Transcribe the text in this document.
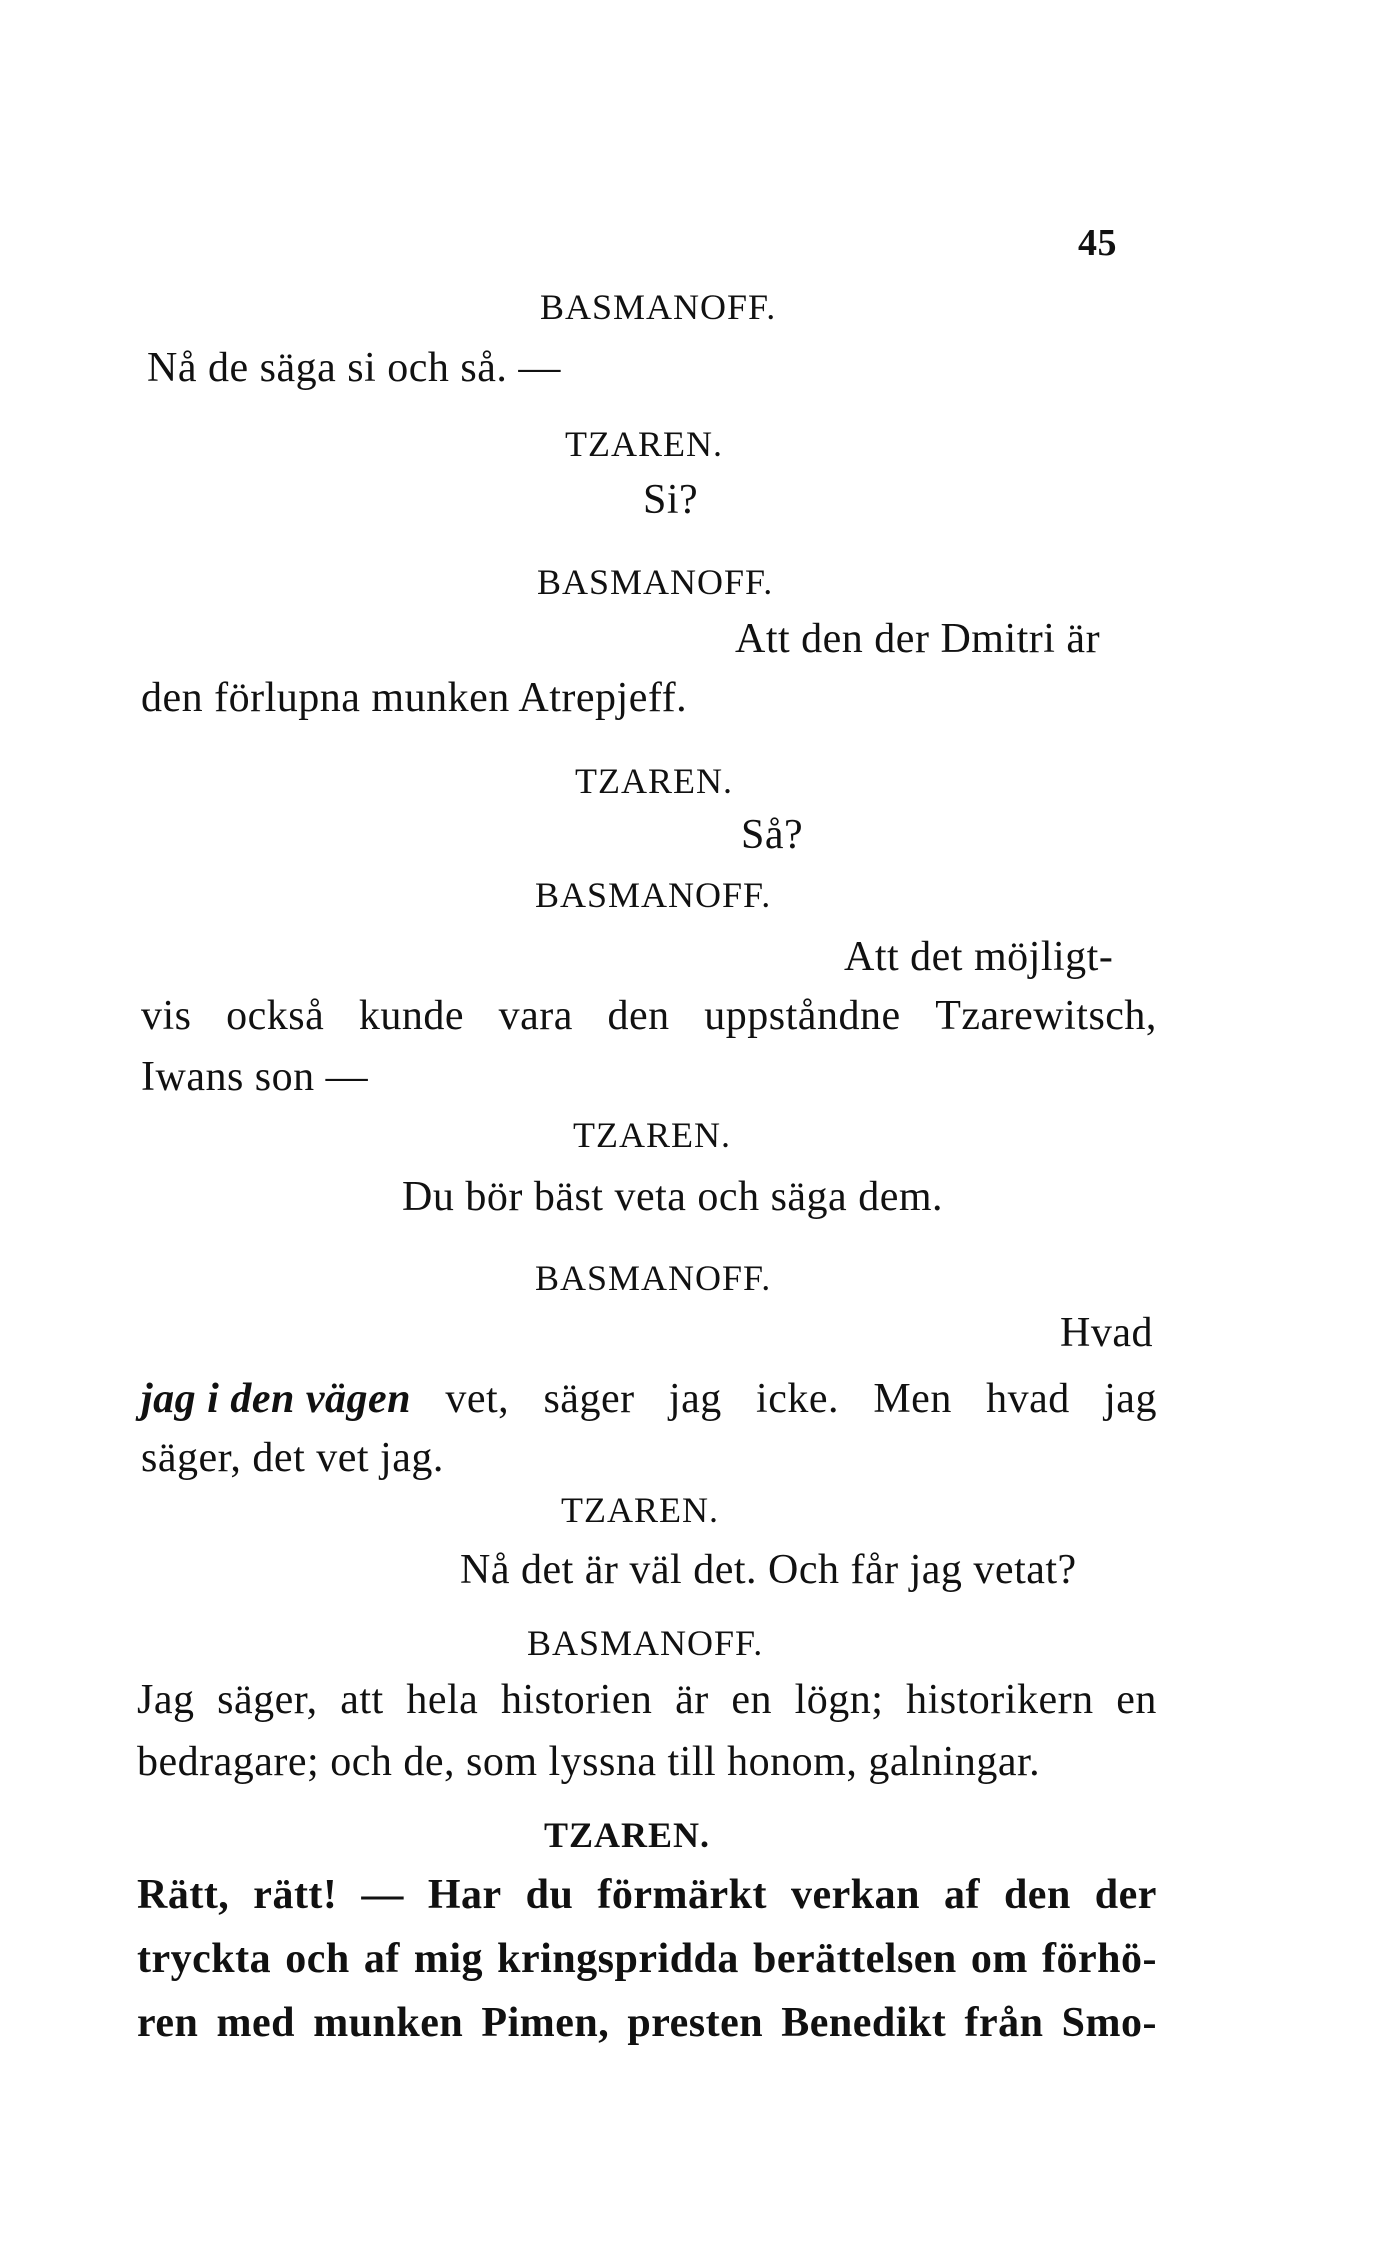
45
BASMANOFF.
Nå de säga si och så. —
TZAREN.
Si?
BASMANOFF.
Att den der Dmitri är
den förlupna munken Atrepjeff.
TZAREN.
Så?
BASMANOFF.
Att det möjligt-
vis också kunde vara den uppståndne Tzarewitsch,
Iwans son —
TZAREN.
Du bör bäst veta och säga dem.
BASMANOFF.
Hvad
jag i den vägen vet, säger jag icke. Men hvad jag
säger, det vet jag.
TZAREN.
Nå det är väl det. Och får jag vetat?
BASMANOFF.
Jag säger, att hela historien är en lögn; historikern en
bedragare; och de, som lyssna till honom, galningar.
TZAREN.
Rätt, rätt! — Har du förmärkt verkan af den der
tryckta och af mig kringspridda berättelsen om förhö-
ren med munken Pimen, presten Benedikt från Smo-
